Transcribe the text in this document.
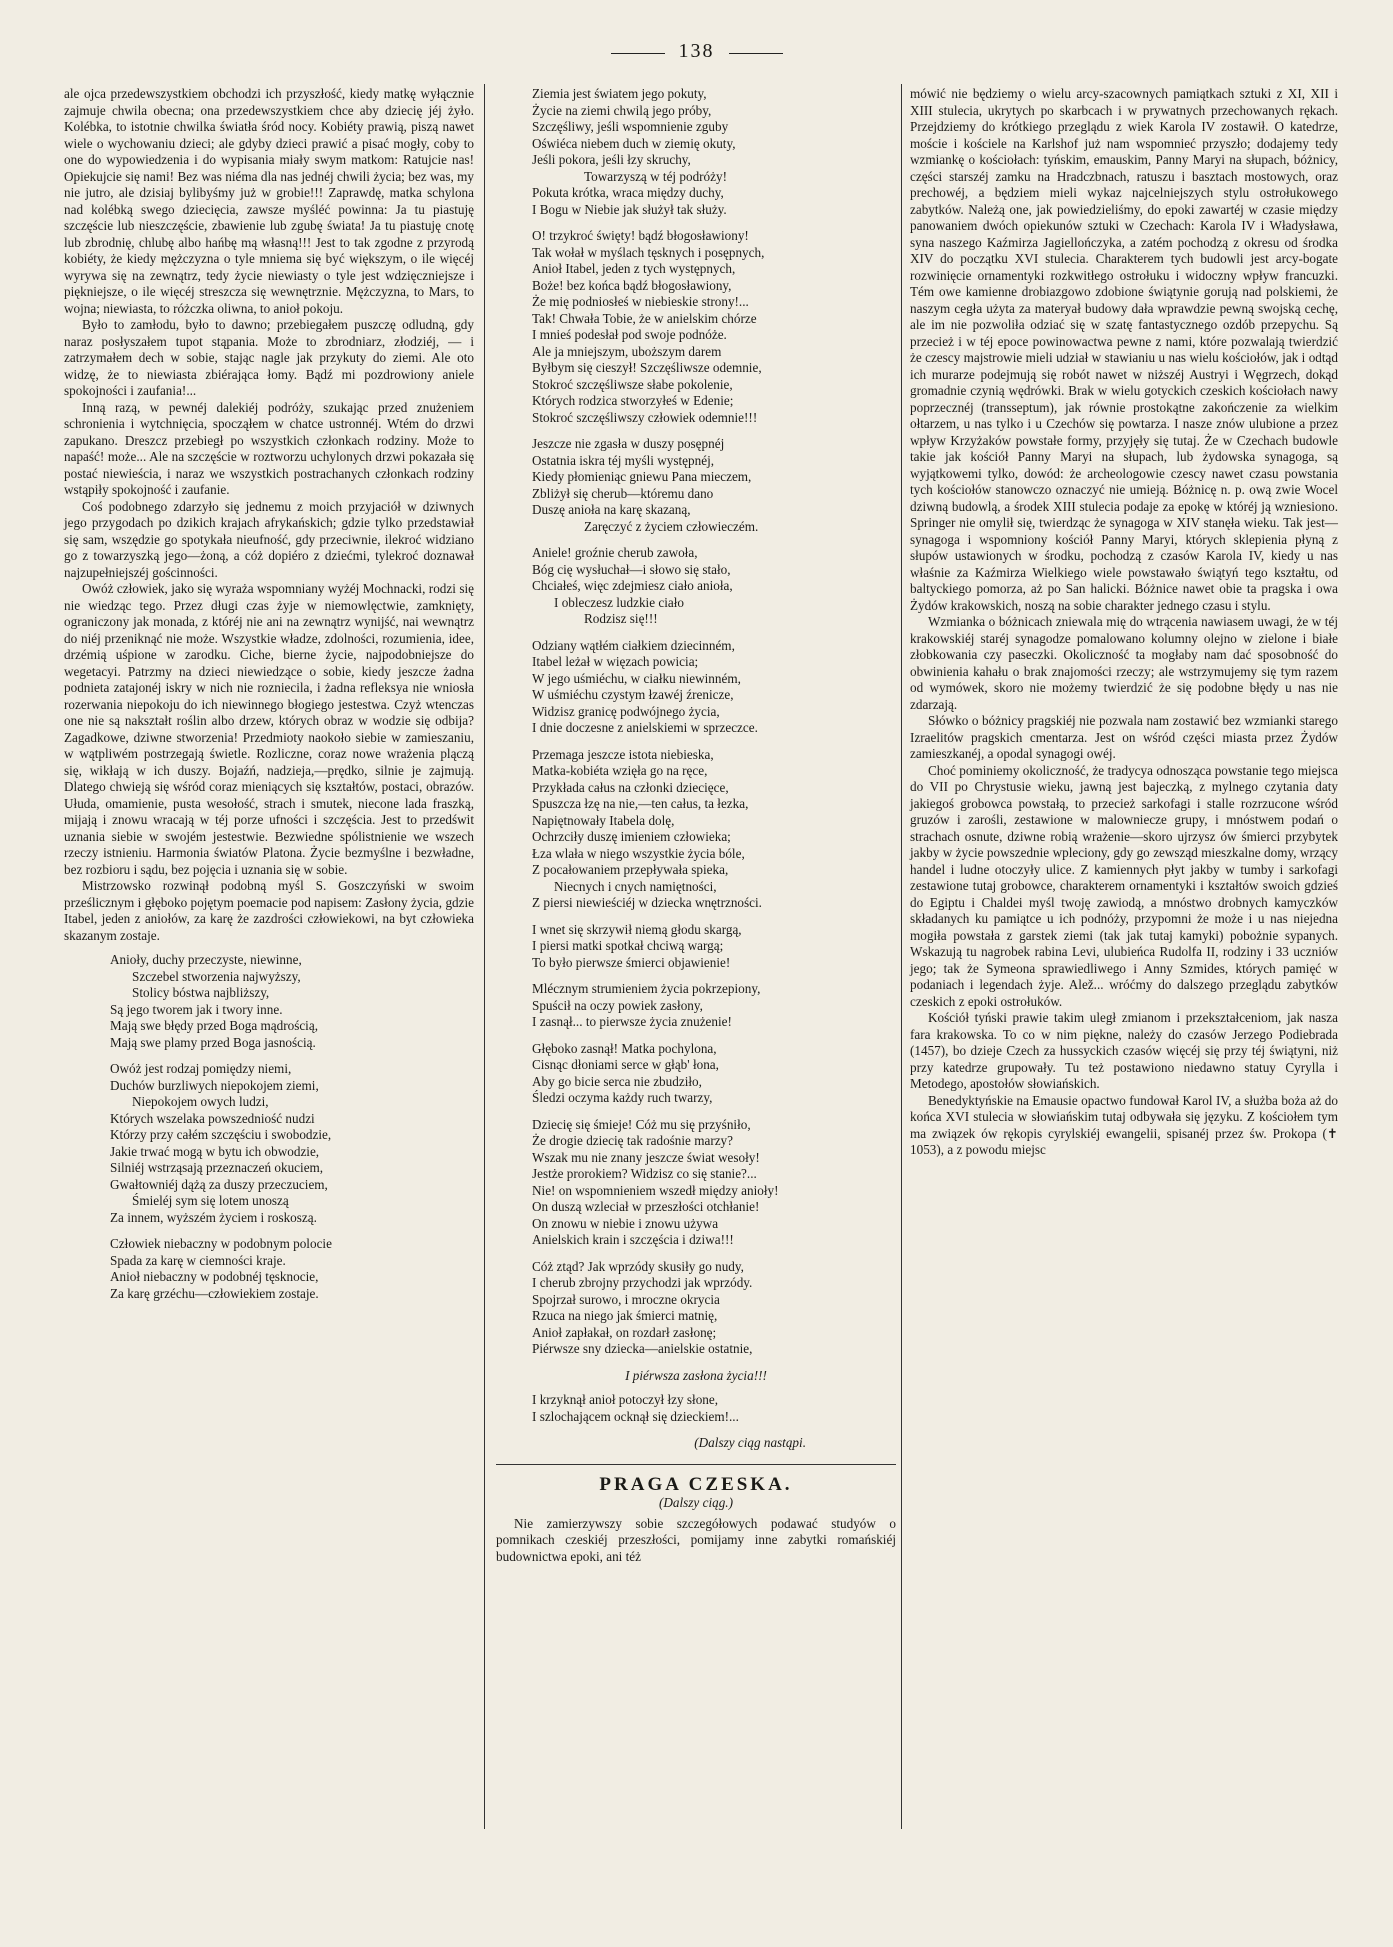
138

ale ojca przedewszystkiem obchodzi ich przyszłość, kiedy matkę wyłącznie zajmuje chwila obecna; ona przedewszystkiem chce aby dziecię jéj żyło. Kolébka, to istotnie chwilka światła śród nocy. Kobiéty prawią, piszą nawet wiele o wychowaniu dzieci; ale gdyby dzieci prawić a pisać mogły, coby to one do wypowiedzenia i do wypisania miały swym matkom: Ratujcie nas! Opiekujcie się nami! Bez was niéma dla nas jednéj chwili życia; bez was, my nie jutro, ale dzisiaj bylibyśmy już w grobie!!! Zaprawdę, matka schylona nad kolébką swego dziecięcia, zawsze myśléć powinna: Ja tu piastuję szczęście lub nieszczęście, zbawienie lub zgubę świata! Ja tu piastuję cnotę lub zbrodnię, chlubę albo hańbę mą własną!!! Jest to tak zgodne z przyrodą kobiéty, że kiedy mężczyzna o tyle mniema się być większym, o ile więcéj wyrywa się na zewnątrz, tedy życie niewiasty o tyle jest wdzięczniejsze i piękniejsze, o ile więcéj streszcza się wewnętrznie. Mężczyzna, to Mars, to wojna; niewiasta, to różczka oliwna, to anioł pokoju.

Było to zamłodu, było to dawno; przebiegałem puszczę odludną, gdy naraz posłyszałem tupot stąpania. Może to zbrodniarz, złodziéj, — i zatrzymałem dech w sobie, stając nagle jak przykuty do ziemi. Ale oto widzę, że to niewiasta zbiérająca łomy. Bądź mi pozdrowiony aniele spokojności i zaufania!...

Inną razą, w pewnéj dalekiéj podróży, szukając przed znużeniem schronienia i wytchnięcia, spocząłem w chatce ustronnéj. Wtém do drzwi zapukano. Dreszcz przebiegł po wszystkich członkach rodziny. Może to napaść! może... Ale na szczęście w roztworzu uchylonych drzwi pokazała się postać niewieścia, i naraz we wszystkich postrachanych członkach rodziny wstąpiły spokojność i zaufanie.

Coś podobnego zdarzyło się jednemu z moich przyjaciół w dziwnych jego przygodach po dzikich krajach afrykańskich; gdzie tylko przedstawiał się sam, wszędzie go spotykała nieufność, gdy przeciwnie, ilekroć widziano go z towarzyszką jego—żoną, a cóż dopiéro z dziećmi, tylekroć doznawał najzupełniejszéj gościnności.

Owóż człowiek, jako się wyraża wspomniany wyżéj Mochnacki, rodzi się nie wiedząc tego. Przez długi czas żyje w niemowlęctwie, zamknięty, ograniczony jak monada, z któréj nie ani na zewnątrz wynijść, nai wewnątrz do niéj przeniknąć nie może. Wszystkie władze, zdolności, rozumienia, idee, drzémią uśpione w zarodku. Ciche, bierne życie, najpodobniejsze do wegetacyi. Patrzmy na dzieci niewiedzące o sobie, kiedy jeszcze żadna podnieta zatajonéj iskry w nich nie rozniecila, i żadna refleksya nie wniosła rozerwania niepokoju do ich niewinnego błogiego jestestwa. Czyż wtenczas one nie są nakształt roślin albo drzew, których obraz w wodzie się odbija? Zagadkowe, dziwne stworzenia! Przedmioty naokoło siebie w zamieszaniu, w wątpliwém postrzegają świetle. Rozliczne, coraz nowe wrażenia plączą się, wikłają w ich duszy. Bojaźń, nadzieja,—prędko, silnie je zajmują. Dlatego chwieją się wśród coraz mieniących się kształtów, postaci, obrazów. Ułuda, omamienie, pusta wesołość, strach i smutek, niecone lada fraszką, mijają i znowu wracają w téj porze ufności i szczęścia. Jest to przedświt uznania siebie w swojém jestestwie. Bezwiedne spólistnienie we wszech rzeczy istnieniu. Harmonia światów Platona. Życie bezmyślne i bezwładne, bez rozbioru i sądu, bez pojęcia i uznania się w sobie.

Mistrzowsko rozwinął podobną myśl S. Goszczyński w swoim prześlicznym i głęboko pojętym poemacie pod napisem: Zasłony życia, gdzie Itabel, jeden z aniołów, za karę że zazdrości człowiekowi, na byt człowieka skazanym zostaje.

Anioły, duchy przeczyste, niewinne,
Szczebel stworzenia najwyższy,
Stolicy bóstwa najbliższy,
Są jego tworem jak i twory inne.
Mają swe błędy przed Boga mądrością,
Mają swe plamy przed Boga jasnością.
Owóż jest rodzaj pomiędzy niemi,
Duchów burzliwych niepokojem ziemi,
Niepokojem owych ludzi,
Których wszelaka powszedniość nudzi
Którzy przy całém szczęściu i swobodzie,
Jakie trwać mogą w bytu ich obwodzie,
Silniéj wstrząsają przeznaczeń okuciem,
Gwałtowniéj dążą za duszy przeczuciem,
Śmieléj sym się lotem unoszą
Za innem, wyższém życiem i roskoszą.
Człowiek niebaczny w podobnym polocie
Spada za karę w ciemności kraje.
Anioł niebaczny w podobnéj tęsknocie,
Za karę grzéchu—człowiekiem zostaje.
Ziemia jest światem jego pokuty,
Życie na ziemi chwilą jego próby,
Szczęśliwy, jeśli wspomnienie zguby
Oświéca niebem duch w ziemię okuty,
Jeśli pokora, jeśli łzy skruchy,
Towarzyszą w téj podróży!
Pokuta krótka, wraca między duchy,
I Bogu w Niebie jak służył tak służy.
O! trzykroć święty! bądź błogosławiony!
Tak wołał w myślach tęsknych i posępnych,
Anioł Itabel, jeden z tych występnych,
Boże! bez końca bądź błogosławiony,
Że mię podniosłeś w niebieskie strony!...
Tak! Chwała Tobie, że w anielskim chórze
I mnieś podesłał pod swoje podnóże.
Ale ja mniejszym, uboższym darem
Byłbym się cieszył! Szczęśliwsze odemnie,
Stokroć szczęśliwsze słabe pokolenie,
Których rodzica stworzyłeś w Edenie;
Stokroć szczęśliwszy człowiek odemnie!!!
Jeszcze nie zgasła w duszy posępnéj
Ostatnia iskra téj myśli występnéj,
Kiedy płomieniąc gniewu Pana mieczem,
Zbliżył się cherub—któremu dano
Duszę anioła na karę skazaną,
Zaręczyć z życiem człowieczém.
Aniele! groźnie cherub zawoła,
Bóg cię wysłuchał—i słowo się stało,
Chciałeś, więc zdejmiesz ciało anioła,
I obleczesz ludzkie ciało
Rodzisz się!!!
Odziany wątłém ciałkiem dziecinném,
Itabel leżał w więzach powicia;
W jego uśmiéchu, w ciałku niewinném,
W uśmiéchu czystym łzawéj źrenicze,
Widzisz granicę podwójnego życia,
I dnie doczesne z anielskiemi w sprzeczce.
Przemaga jeszcze istota niebieska,
Matka-kobiéta wzięła go na ręce,
Przykłada całus na członki dziecięce,
Spuszcza łzę na nie,—ten całus, ta łezka,
Napiętnowały Itabela dolę,
Ochrzciły duszę imieniem człowieka;
Łza wlała w niego wszystkie życia bóle,
Z pocałowaniem przepływała spieka,
Niecnych i cnych namiętności,
Z piersi niewieściéj w dziecka wnętrzności.
I wnet się skrzywił niemą głodu skargą,
I piersi matki spotkał chciwą wargą;
To było pierwsze śmierci objawienie!
Mlécznym strumieniem życia pokrzepiony,
Spuścił na oczy powiek zasłony,
I zasnął... to pierwsze życia znużenie!
Głęboko zasnął! Matka pochylona,
Cisnąc dłoniami serce w głąb' łona,
Aby go bicie serca nie zbudziło,
Śledzi oczyma każdy ruch twarzy,
Dziecię się śmieje! Cóż mu się przyśniło,
Że drogie dziecię tak radośnie marzy?
Wszak mu nie znany jeszcze świat wesoły!
Jestże prorokiem? Widzisz co się stanie?...
Nie! on wspomnieniem wszedł między anioły!
On duszą wzleciał w przeszłości otchłanie!
On znowu w niebie i znowu używa
Anielskich krain i szczęścia i dziwa!!!
Cóż ztąd? Jak wprzódy skusiły go nudy,
I cherub zbrojny przychodzi jak wprzódy.
Spojrzał surowo, i mroczne okrycia
Rzuca na niego jak śmierci matnię,
Anioł zapłakał, on rozdarł zasłonę;
Piérwsze sny dziecka—anielskie ostatnie,
I piérwsza zasłona życia!!!
I krzyknął anioł potoczył łzy słone,
I szlochającem ocknął się dzieckiem!...
(Dalszy ciąg nastąpi.
PRAGA CZESKA.
(Dalszy ciąg.)

Nie zamierzywszy sobie szczegółowych podawać studyów o pomnikach czeskiéj przeszłości, pomijamy inne zabytki romańskiéj budownictwa epoki, ani téż

mówić nie będziemy o wielu arcy-szacownych pamiątkach sztuki z XI, XII i XIII stulecia, ukrytych po skarbcach i w prywatnych przechowanych rękach. Przejdziemy do krótkiego przeglądu z wiek Karola IV zostawił. O katedrze, moście i kościele na Karlshof już nam wspomnieć przyszło; dodajemy tedy wzmiankę o kościołach: tyńskim, emauskim, Panny Maryi na słupach, bóżnicy, części starszéj zamku na Hradczbnach, ratuszu i basztach mostowych, oraz prechowéj, a będziem mieli wykaz najcelniejszych stylu ostrołukowego zabytków. Należą one, jak powiedzieliśmy, do epoki zawartéj w czasie między panowaniem dwóch opiekunów sztuki w Czechach: Karola IV i Władysława, syna naszego Kaźmirza Jagiellończyka, a zatém pochodzą z okresu od środka XIV do początku XVI stulecia. Charakterem tych budowli jest arcy-bogate rozwinięcie ornamentyki rozkwitłego ostrołuku i widoczny wpływ francuzki. Tém owe kamienne drobiazgowo zdobione świątynie gorują nad polskiemi, że naszym cegła użyta za materyał budowy dała wprawdzie pewną swojską cechę, ale im nie pozwoliła odziać się w szatę fantastycznego ozdób przepychu. Są przecież i w téj epoce powinowactwa pewne z nami, które pozwalają twierdzić że czescy majstrowie mieli udział w stawianiu u nas wielu kościołów, jak i odtąd ich murarze podejmują się robót nawet w niższéj Austryi i Węgrzech, dokąd gromadnie czynią wędrówki. Brak w wielu gotyckich czeskich kościołach nawy poprzecznéj (transseptum), jak równie prostokątne zakończenie za wielkim ołtarzem, u nas tylko i u Czechów się powtarza. I nasze znów ulubione a przez wpływ Krzyżaków powstałe formy, przyjęły się tutaj. Że w Czechach budowle takie jak kościół Panny Maryi na słupach, lub żydowska synagoga, są wyjątkowemi tylko, dowód: że archeologowie czescy nawet czasu powstania tych kościołów stanowczo oznaczyć nie umieją. Bóżnicę n. p. ową zwie Wocel dziwną budowlą, a środek XIII stulecia podaje za epokę w któréj ją wzniesiono. Springer nie omylił się, twierdząc że synagoga w XIV stanęła wieku. Tak jest—synagoga i wspomniony kościół Panny Maryi, których sklepienia płyną z słupów ustawionych w środku, pochodzą z czasów Karola IV, kiedy u nas właśnie za Kaźmirza Wielkiego wiele powstawało świątyń tego kształtu, od baltyckiego pomorza, aż po San halicki. Bóżnice nawet obie ta pragska i owa Żydów krakowskich, noszą na sobie charakter jednego czasu i stylu.

Wzmianka o bóżnicach zniewala mię do wtrącenia nawiasem uwagi, że w téj krakowskiéj staréj synagodze pomalowano kolumny olejno w zielone i białe złobkowania czy paseczki. Okoliczność ta mogłaby nam dać sposobność do obwinienia kahału o brak znajomości rzeczy; ale wstrzymujemy się tym razem od wymówek, skoro nie możemy twierdzić że się podobne błędy u nas nie zdarzają.

Słówko o bóżnicy pragskiéj nie pozwala nam zostawić bez wzmianki starego Izraelitów pragskich cmentarza. Jest on wśród części miasta przez Żydów zamieszkanéj, a opodal synagogi owéj.

Choć pominiemy okoliczność, że tradycya odnosząca powstanie tego miejsca do VII po Chrystusie wieku, jawną jest bajeczką, z mylnego czytania daty jakiegoś grobowca powstałą, to przecież sarkofagi i stalle rozrzucone wśród gruzów i zarośli, zestawione w malowniecze grupy, i mnóstwem podań o strachach osnute, dziwne robią wrażenie—skoro ujrzysz ów śmierci przybytek jakby w życie powszednie wpleciony, gdy go zewsząd mieszkalne domy, wrzący handel i ludne otoczyły ulice. Z kamiennych płyt jakby w tumby i sarkofagi zestawione tutaj grobowce, charakterem ornamentyki i kształtów swoich gdzieś do Egiptu i Chaldei myśl twoję zawiodą, a mnóstwo drobnych kamyczków składanych ku pamiątce u ich podnóży, przypomni że może i u nas niejedna mogiła powstała z garstek ziemi (tak jak tutaj kamyki) pobożnie sypanych. Wskazują tu nagrobek rabina Levi, ulubieńca Rudolfa II, rodziny i 33 uczniów jego; tak że Symeona sprawiedliwego i Anny Szmides, których pamięć w podaniach i legendach żyje. Alež... wróćmy do dalszego przeglądu zabytków czeskich z epoki ostrołuków.

Kościół tyński prawie takim uległ zmianom i przekształceniom, jak nasza fara krakowska. To co w nim piękne, należy do czasów Jerzego Podiebrada (1457), bo dzieje Czech za hussyckich czasów więcéj się przy téj świątyni, niż przy katedrze grupowały. Tu też postawiono niedawno statuy Cyrylla i Metodego, apostołów słowiańskich.

Benedyktyńskie na Emausie opactwo fundował Karol IV, a służba boża aż do końca XVI stulecia w słowiańskim tutaj odbywała się języku. Z kościołem tym ma związek ów rękopis cyrylskiéj ewangelii, spisanéj przez św. Prokopa (✝ 1053), a z powodu miejsc
